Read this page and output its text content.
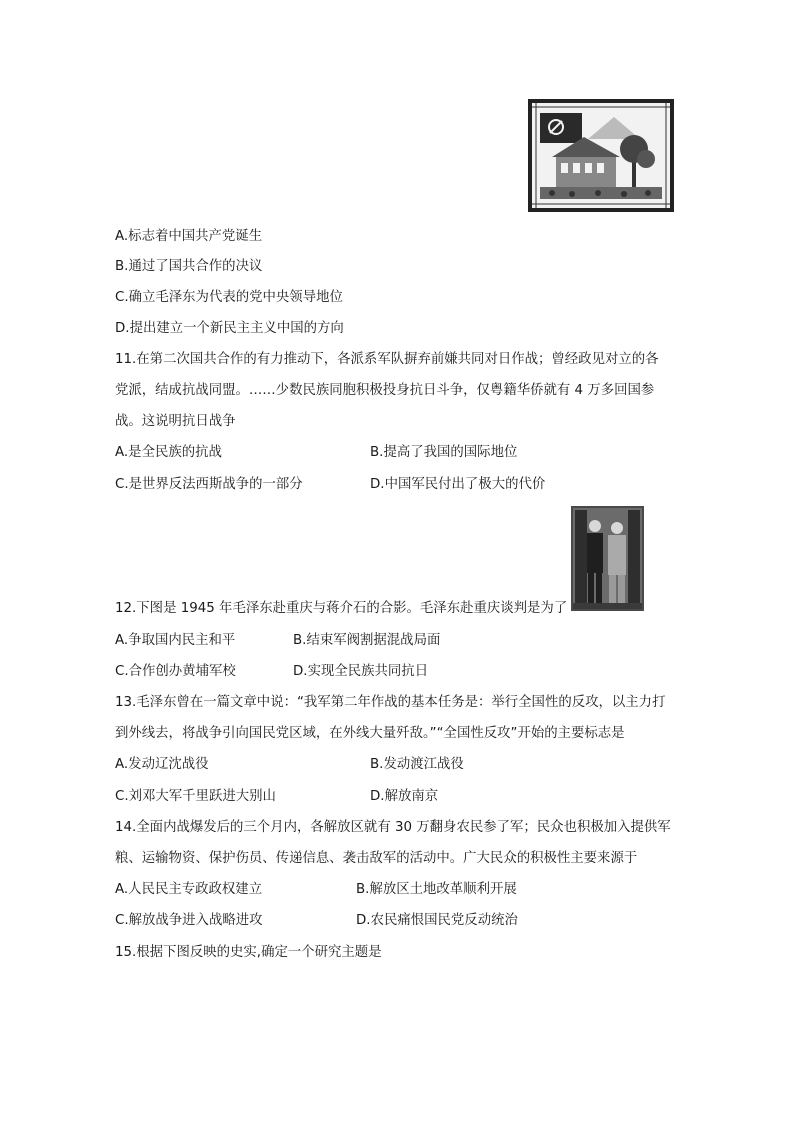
A.标志着中国共产党诞生
B.通过了国共合作的决议
C.确立毛泽东为代表的党中央领导地位
D.提出建立一个新民主主义中国的方向
11.在第二次国共合作的有力推动下，各派系军队摒弃前嫌共同对日作战；曾经政见对立的各
党派，结成抗战同盟。……少数民族同胞积极投身抗日斗争，仅粤籍华侨就有 4 万多回国参
战。这说明抗日战争
A.是全民族的抗战	B.提高了我国的国际地位
C.是世界反法西斯战争的一部分	D.中国军民付出了极大的代价
12.下图是 1945 年毛泽东赴重庆与蒋介石的合影。毛泽东赴重庆谈判是为了
A.争取国内民主和平	B.结束军阀割据混战局面
C.合作创办黄埔军校	D.实现全民族共同抗日
13.毛泽东曾在一篇文章中说：“我军第二年作战的基本任务是：举行全国性的反攻，以主力打
到外线去，将战争引向国民党区域，在外线大量歼敌。”“全国性反攻”开始的主要标志是
A.发动辽沈战役	B.发动渡江战役
C.刘邓大军千里跃进大别山	D.解放南京
14.全面内战爆发后的三个月内，各解放区就有 30 万翻身农民参了军；民众也积极加入提供军
粮、运输物资、保护伤员、传递信息、袭击敌军的活动中。广大民众的积极性主要来源于
A.人民民主专政政权建立	B.解放区土地改革顺利开展
C.解放战争进入战略进攻	D.农民痛恨国民党反动统治
15.根据下图反映的史实,确定一个研究主题是
